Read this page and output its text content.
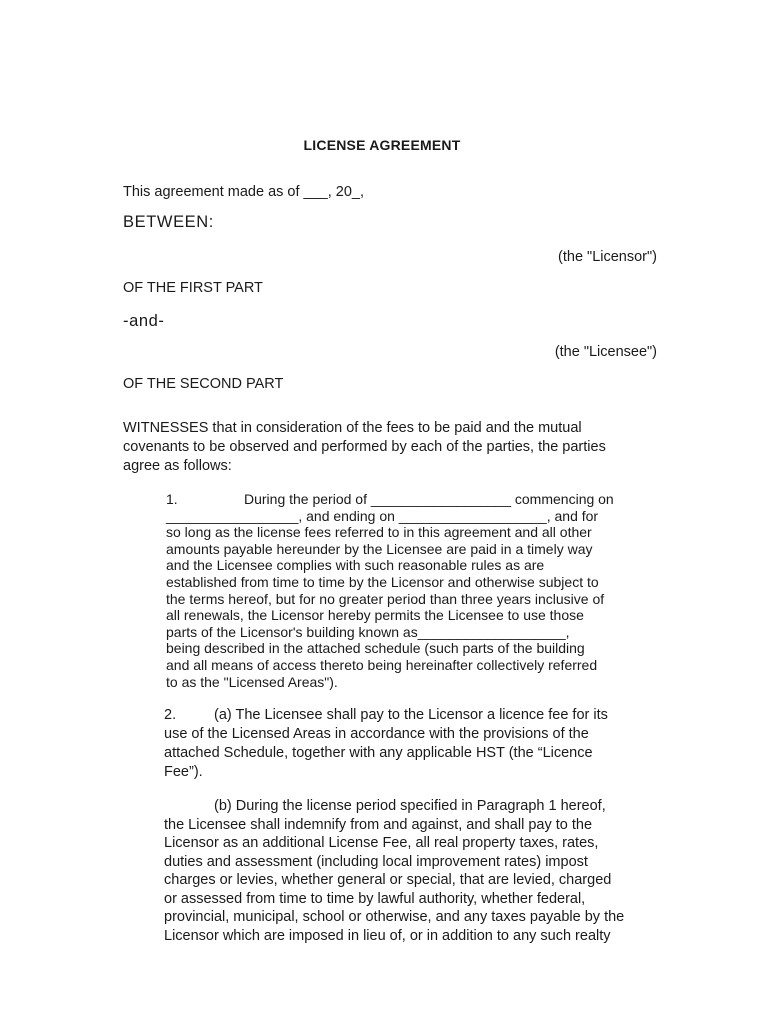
LICENSE AGREEMENT
This agreement made as of ___, 20_,
BETWEEN:
(the "Licensor")
OF THE FIRST PART
-and-
(the "Licensee")
OF THE SECOND PART
WITNESSES that in consideration of the fees to be paid and the mutual
covenants to be observed and performed by each of the parties, the parties
agree as follows:
1.	During the period of __________________ commencing on
_________________, and ending on ___________________, and for
so long as the license fees referred to in this agreement and all other
amounts payable hereunder by the Licensee are paid in a timely way
and the Licensee complies with such reasonable rules as are
established from time to time by the Licensor and otherwise subject to
the terms hereof, but for no greater period than three years inclusive of
all renewals, the Licensor hereby permits the Licensee to use those
parts of the Licensor's building known as___________________,
being described in the attached schedule (such parts of the building
and all means of access thereto being hereinafter collectively referred
to as the "Licensed Areas").
2.	(a) The Licensee shall pay to the Licensor a licence fee for its
use of the Licensed Areas in accordance with the provisions of the
attached Schedule, together with any applicable HST (the “Licence
Fee”).
(b) During the license period specified in Paragraph 1 hereof,
the Licensee shall indemnify from and against, and shall pay to the
Licensor as an additional License Fee, all real property taxes, rates,
duties and assessment (including local improvement rates) impost
charges or levies, whether general or special, that are levied, charged
or assessed from time to time by lawful authority, whether federal,
provincial, municipal, school or otherwise, and any taxes payable by the
Licensor which are imposed in lieu of, or in addition to any such realty
